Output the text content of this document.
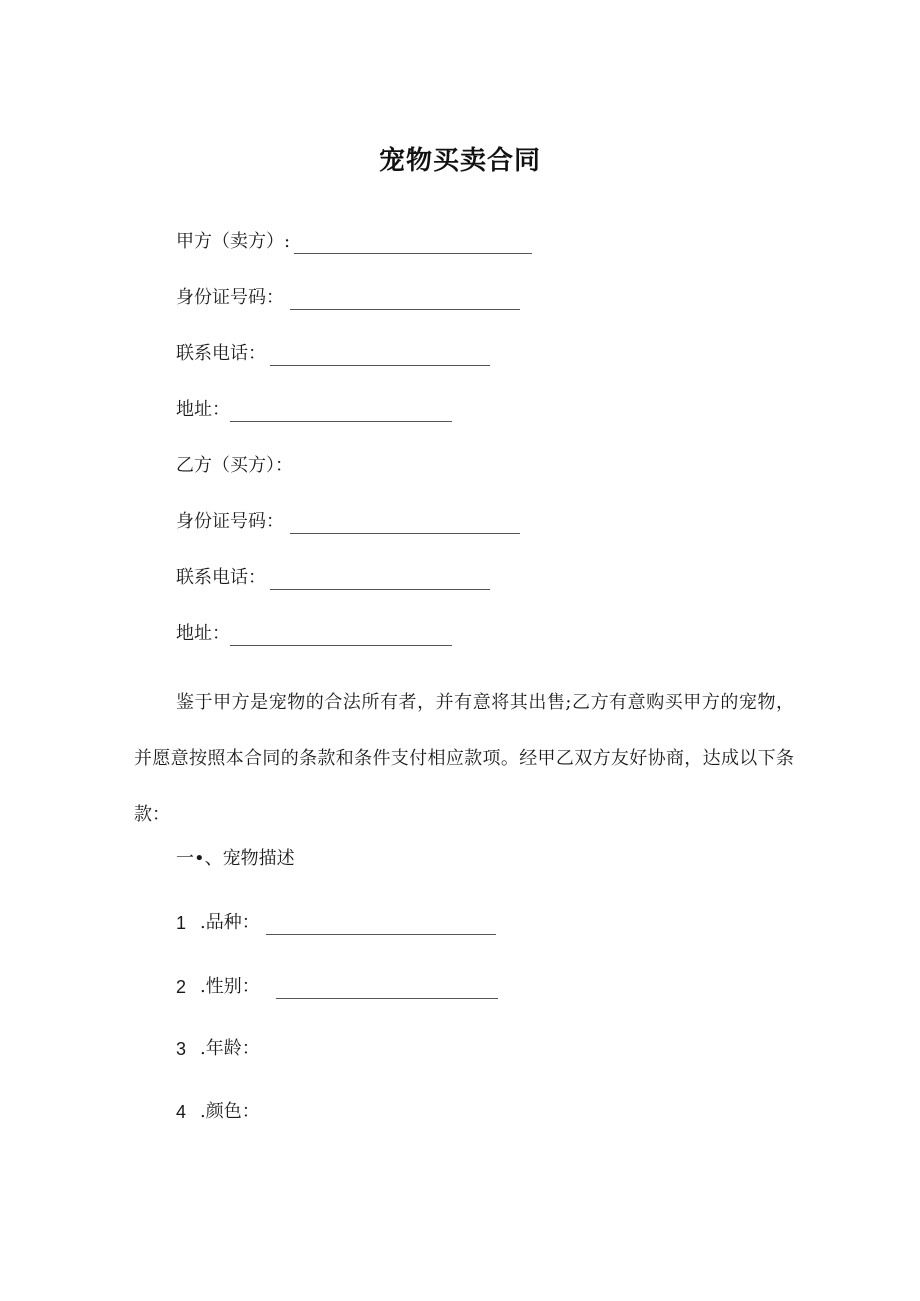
宠物买卖合同
甲方（卖方）:
身份证号码：
联系电话：
地址：
乙方（买方）：
身份证号码：
联系电话：
地址：
鉴于甲方是宠物的合法所有者，并有意将其出售;乙方有意购买甲方的宠物，并愿意按照本合同的条款和条件支付相应款项。经甲乙双方友好协商，达成以下条款：
一•、宠物描述
1 .品种：
2 .性别：
3 .年龄：
4 .颜色：
